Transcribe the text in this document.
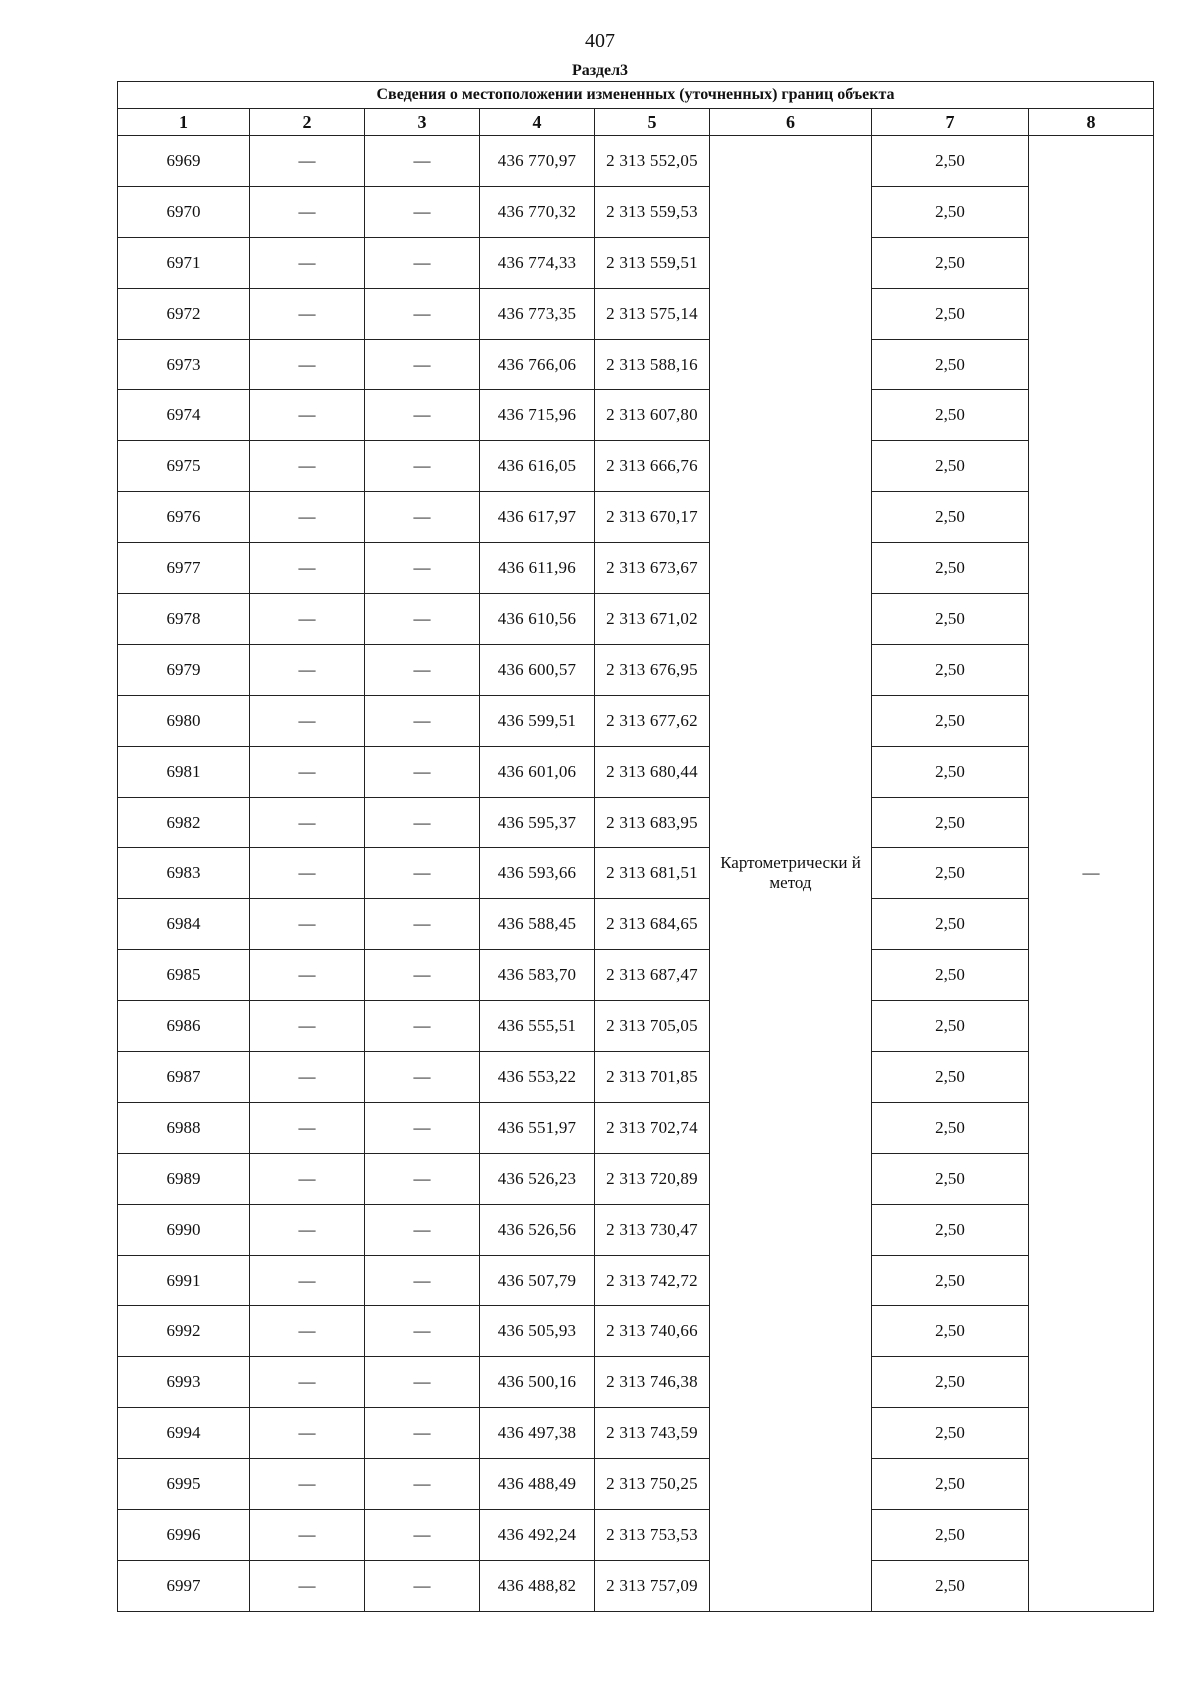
407
Раздел3
Сведения о местоположении измененных (уточненных) границ объекта							
1	2	3	4	5	6	7	8
6969	—	—	436 770,97	2 313 552,05	Картометрически й метод	2,50	—
6970	—	—	436 770,32	2 313 559,53		2,50	
6971	—	—	436 774,33	2 313 559,51		2,50	
6972	—	—	436 773,35	2 313 575,14		2,50	
6973	—	—	436 766,06	2 313 588,16		2,50	
6974	—	—	436 715,96	2 313 607,80		2,50	
6975	—	—	436 616,05	2 313 666,76		2,50	
6976	—	—	436 617,97	2 313 670,17		2,50	
6977	—	—	436 611,96	2 313 673,67		2,50	
6978	—	—	436 610,56	2 313 671,02		2,50	
6979	—	—	436 600,57	2 313 676,95		2,50	
6980	—	—	436 599,51	2 313 677,62		2,50	
6981	—	—	436 601,06	2 313 680,44		2,50	
6982	—	—	436 595,37	2 313 683,95		2,50	
6983	—	—	436 593,66	2 313 681,51		2,50	
6984	—	—	436 588,45	2 313 684,65		2,50	
6985	—	—	436 583,70	2 313 687,47		2,50	
6986	—	—	436 555,51	2 313 705,05		2,50	
6987	—	—	436 553,22	2 313 701,85		2,50	
6988	—	—	436 551,97	2 313 702,74		2,50	
6989	—	—	436 526,23	2 313 720,89		2,50	
6990	—	—	436 526,56	2 313 730,47		2,50	
6991	—	—	436 507,79	2 313 742,72		2,50	
6992	—	—	436 505,93	2 313 740,66		2,50	
6993	—	—	436 500,16	2 313 746,38		2,50	
6994	—	—	436 497,38	2 313 743,59		2,50	
6995	—	—	436 488,49	2 313 750,25		2,50	
6996	—	—	436 492,24	2 313 753,53		2,50	
6997	—	—	436 488,82	2 313 757,09		2,50	
